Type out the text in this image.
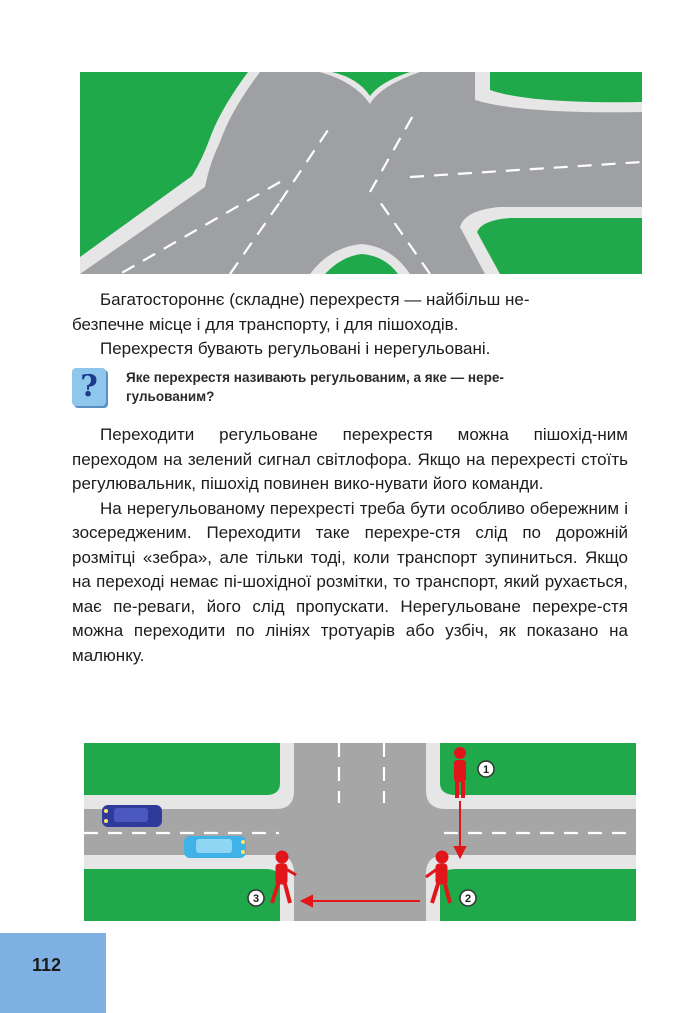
Багатостороннє (складне) перехрестя — найбільш не-
безпечне місце і для транспорту, і для пішоходів.

Перехрестя бувають регульовані і нерегульовані.

?	Яке перехрестя називають регульованим, а яке — нере-
гульованим?

Переходити регульоване перехрестя можна пішохід-ним переходом на зелений сигнал світлофора. Якщо на перехресті стоїть регулювальник, пішохід повинен вико-нувати його команди.

На нерегульованому перехресті треба бути особливо обережним і зосередженим. Переходити таке перехре-стя слід по дорожній розмітці «зебра», але тільки тоді, коли транспорт зупиниться. Якщо на переході немає пі-шохідної розмітки, то транспорт, який рухається, має пе-реваги, його слід пропускати. Нерегульоване перехре-стя можна переходити по лініях тротуарів або узбіч, як показано на малюнку.

1
2
3
112
